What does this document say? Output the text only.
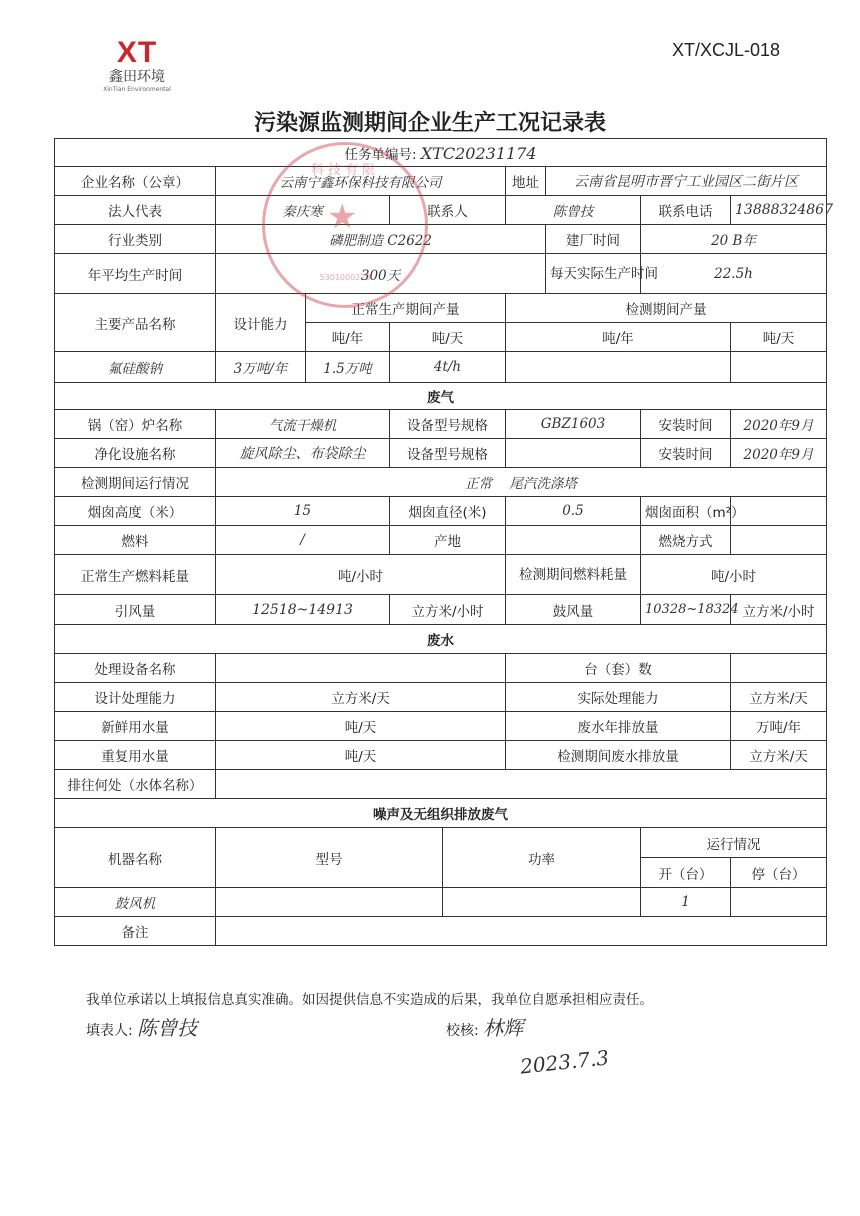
XT
鑫田环境
XinTian Environmental
XT/XCJL-018
污染源监测期间企业生产工况记录表
任务单编号: XTC20231174								
企业名称（公章）	云南宁鑫环保科技有限公司				地址	云南省昆明市晋宁工业园区二街片区		
法人代表	秦庆寒		联系人		陈曾技		联系电话	13888324867
行业类别	磷肥制造 C2622					建厂时间	20 B年	
年平均生产时间	300天					每天实际生产时间	22.5h	
主要产品名称	设计能力	正常生产期间产量			检测期间产量			
		吨/年	吨/天		吨/年			吨/天
氟硅酸钠	3万吨/年	1.5万吨	4t/h					
废气								
锅（窑）炉名称	气流干燥机		设备型号规格		GBZ1603		安装时间	2020年9月
净化设施名称	旋风除尘、布袋除尘		设备型号规格				安装时间	2020年9月
检测期间运行情况	正常    尾汽洗涤塔							
烟囱高度（米）	15		烟囱直径(米)		0.5		烟囱面积（m²）	
燃料	/		产地				燃烧方式	
正常生产燃料耗量	吨/小时				检测期间燃料耗量		吨/小时	
引风量	12518~14913		立方米/小时		鼓风量		10328~18324	立方米/小时
废水								
处理设备名称					台（套）数			
设计处理能力	立方米/天				实际处理能力			立方米/天
新鲜用水量	吨/天				废水年排放量			万吨/年
重复用水量	吨/天				检测期间废水排放量			立方米/天
排往何处（水体名称）								
噪声及无组织排放废气								
机器名称	型号			功率			运行情况	
							开（台）	停（台）
鼓风机							1	
备注								
科技有限
★
5301000223
我单位承诺以上填报信息真实准确。如因提供信息不实造成的后果，我单位自愿承担相应责任。
填表人: 陈曾技	校核: 林辉
2023.7.3
